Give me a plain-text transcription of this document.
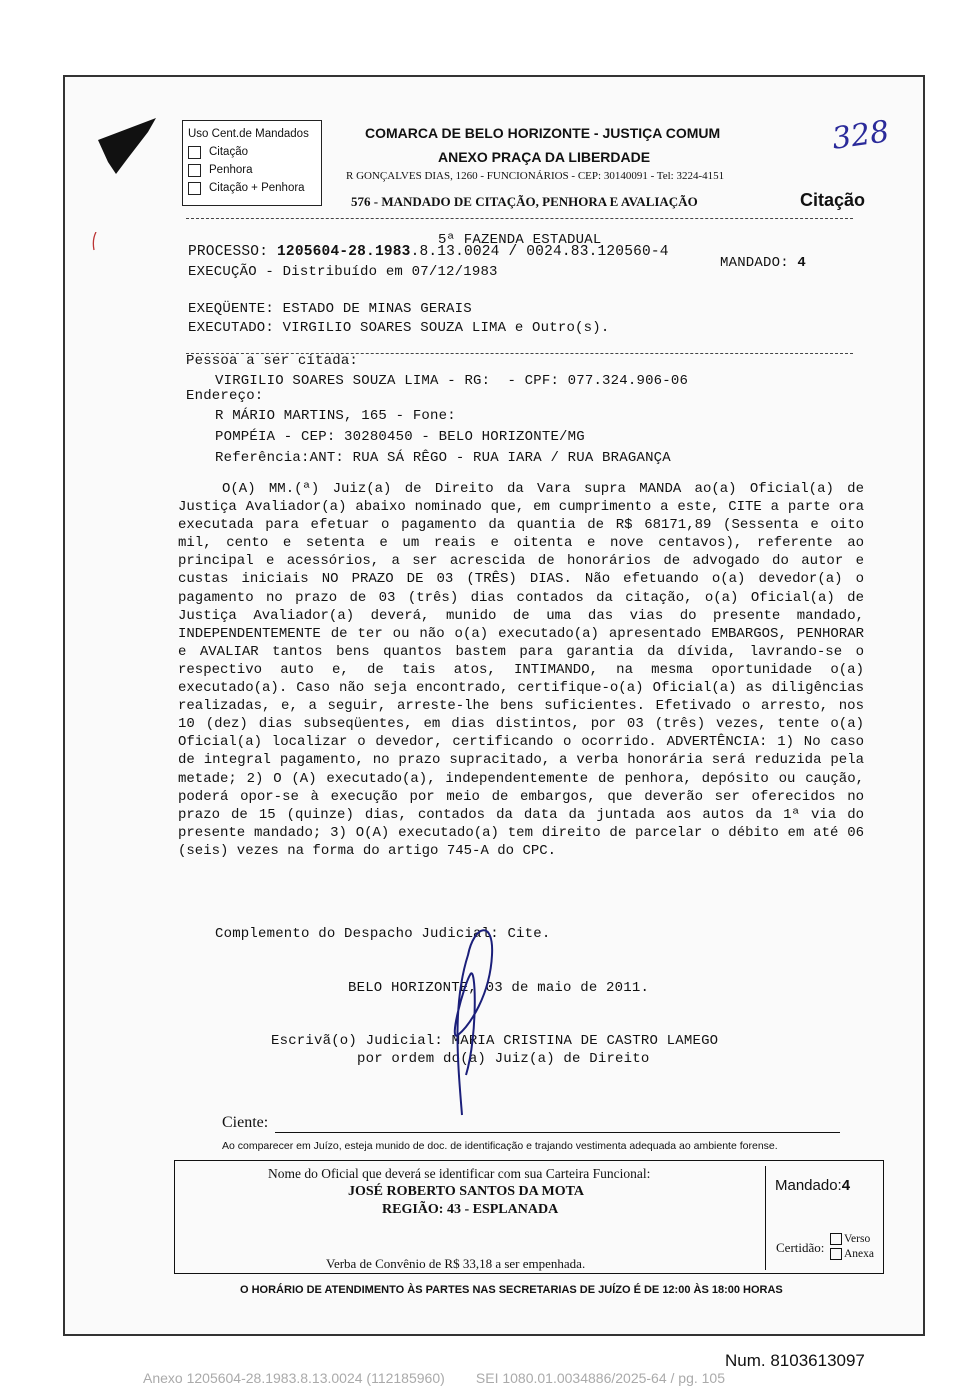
Uso Cent.de Mandados
Citação
Penhora
Citação + Penhora
COMARCA DE BELO HORIZONTE - JUSTIÇA COMUM
ANEXO PRAÇA DA LIBERDADE
R GONÇALVES DIAS, 1260 - FUNCIONÁRIOS - CEP: 30140091 - Tel: 3224-4151
576 - MANDADO DE CITAÇÃO, PENHORA E AVALIAÇÃO	Citação
328
5ª FAZENDA ESTADUAL
PROCESSO: 1205604-28.1983.8.13.0024 / 0024.83.120560-4
MANDADO: 4
EXECUÇÃO - Distribuído em 07/12/1983
EXEQÜENTE: ESTADO DE MINAS GERAIS
EXECUTADO: VIRGILIO SOARES SOUZA LIMA e Outro(s).
Pessoa a ser citada:
VIRGILIO SOARES SOUZA LIMA - RG:  - CPF: 077.324.906-06
Endereço:
R MÁRIO MARTINS, 165 - Fone:
POMPÉIA - CEP: 30280450 - BELO HORIZONTE/MG
Referência:ANT: RUA SÁ RÊGO - RUA IARA / RUA BRAGANÇA
O(A) MM.(ª) Juiz(a) de Direito da Vara supra MANDA ao(a) Oficial(a) de Justiça Avaliador(a) abaixo nominado que, em cumprimento a este, CITE a parte ora executada para efetuar o pagamento da quantia de R$ 68171,89 (Sessenta e oito mil, cento e setenta e um reais e oitenta e nove centavos), referente ao principal e acessórios, a ser acrescida de honorários de advogado do autor e custas iniciais NO PRAZO DE 03 (TRÊS) DIAS. Não efetuando o(a) devedor(a) o pagamento no prazo de 03 (três) dias contados da citação, o(a) Oficial(a) de Justiça Avaliador(a) deverá, munido de uma das vias do presente mandado, INDEPENDENTEMENTE de ter ou não o(a) executado(a) apresentado EMBARGOS, PENHORAR e AVALIAR tantos bens quantos bastem para garantia da dívida, lavrando-se o respectivo auto e, de tais atos, INTIMANDO, na mesma oportunidade o(a) executado(a). Caso não seja encontrado, certifique-o(a) Oficial(a) as diligências realizadas, e, a seguir, arreste-lhe bens suficientes. Efetivado o arresto, nos 10 (dez) dias subseqüentes, em dias distintos, por 03 (três) vezes, tente o(a) Oficial(a) localizar o devedor, certificando o ocorrido. ADVERTÊNCIA: 1) No caso de integral pagamento, no prazo supracitado, a verba honorária será reduzida pela metade; 2) O (A) executado(a), independentemente de penhora, depósito ou caução, poderá opor-se à execução por meio de embargos, que deverão ser oferecidos no prazo de 15 (quinze) dias, contados da data da juntada aos autos da 1ª via do presente mandado; 3) O(A) executado(a) tem direito de parcelar o débito em até 06 (seis) vezes na forma do artigo 745-A do CPC.
Complemento do Despacho Judicial: Cite.
BELO HORIZONTE, 03 de maio de 2011.
Escrivã(o) Judicial: MARIA CRISTINA DE CASTRO LAMEGO
por ordem do(a) Juiz(a) de Direito
Ciente:
Ao comparecer em Juízo, esteja munido de doc. de identificação e trajando vestimenta adequada ao ambiente forense.
Nome do Oficial que deverá se identificar com sua Carteira Funcional:
JOSÉ ROBERTO SANTOS DA MOTA
REGIÃO: 43 - ESPLANADA
Verba de Convênio de R$ 33,18 a ser empenhada.
Mandado:4
Certidão:
Verso
Anexa
O HORÁRIO DE ATENDIMENTO ÀS PARTES NAS SECRETARIAS DE JUÍZO É DE 12:00 ÀS 18:00 HORAS
Num. 8103613097
Anexo 1205604-28.1983.8.13.0024 (112185960)        SEI 1080.01.0034886/2025-64 / pg. 105
